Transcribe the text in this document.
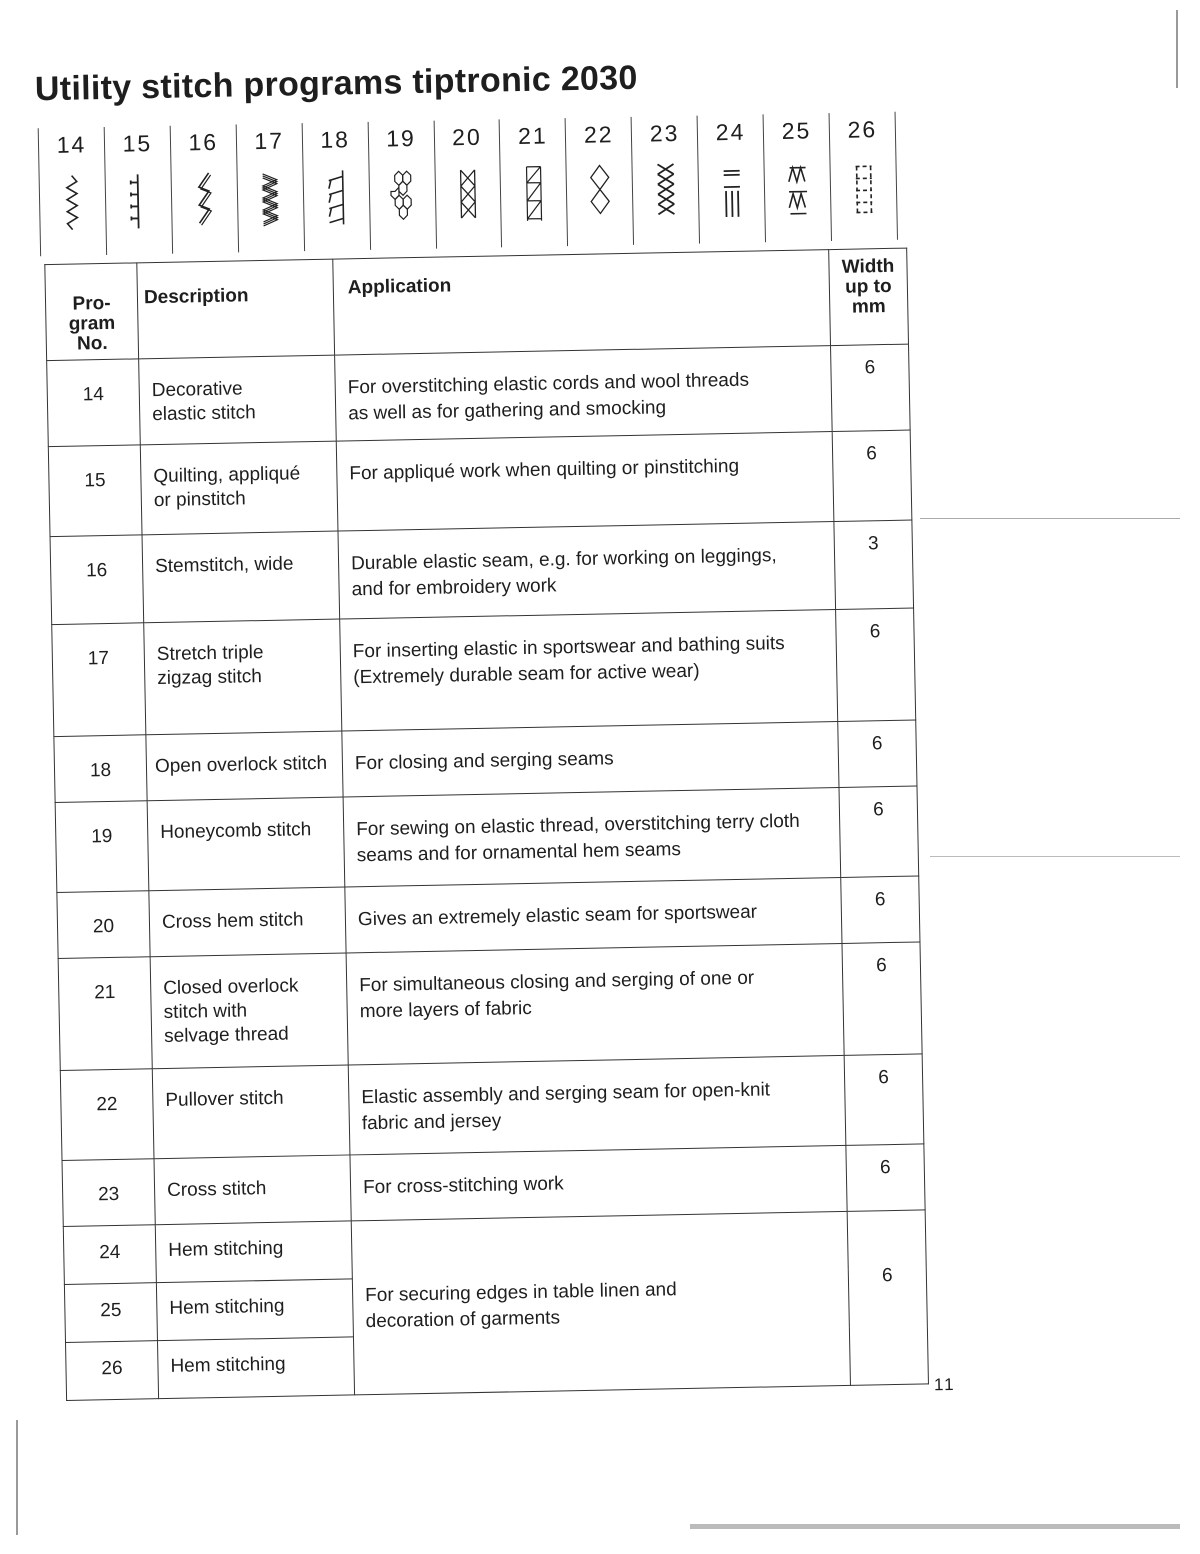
Utility stitch programs tiptronic 2030
14	15	16	17	18	19	20	21	22	23	24	25	26
Pro-
gram
No.	Description	Application	Width
up to
mm
14	Decorative
elastic stitch	For overstitching elastic cords and wool threads
as well as for gathering and smocking	6
15	Quilting, appliqué
or pinstitch	For appliqué work when quilting or pinstitching	6
16	Stemstitch, wide	Durable elastic seam, e.g. for working on leggings,
and for embroidery work	3
17	Stretch triple
zigzag stitch	For inserting elastic in sportswear and bathing suits
(Extremely durable seam for active wear)	6
18	Open overlock stitch	For closing and serging seams	6
19	Honeycomb stitch	For sewing on elastic thread, overstitching terry cloth
seams and for ornamental hem seams	6
20	Cross hem stitch	Gives an extremely elastic seam for sportswear	6
21	Closed overlock
stitch with
selvage thread	For simultaneous closing and serging of one or
more layers of fabric	6
22	Pullover stitch	Elastic assembly and serging seam for open-knit
fabric and jersey	6
23	Cross stitch	For cross-stitching work	6
24	Hem stitching	For securing edges in table linen and
decoration of garments	6
25	Hem stitching		
26	Hem stitching		
11
